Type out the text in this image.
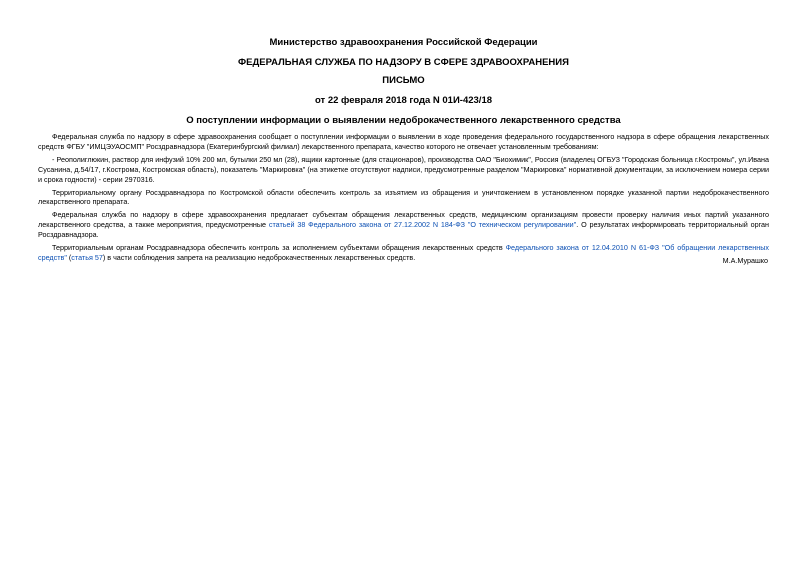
Министерство здравоохранения Российской Федерации

ФЕДЕРАЛЬНАЯ СЛУЖБА ПО НАДЗОРУ В СФЕРЕ ЗДРАВООХРАНЕНИЯ

ПИСЬМО

от 22 февраля 2018 года N 01И-423/18

О поступлении информации о выявлении недоброкачественного лекарственного средства

Федеральная служба по надзору в сфере здравоохранения сообщает о поступлении информации о выявлении в ходе проведения федерального государственного надзора в сфере обращения лекарственных средств ФГБУ "ИМЦЭУАОСМП" Росздравнадзора (Екатеринбургский филиал) лекарственного препарата, качество которого не отвечает установленным требованиям:

- Реополиглюкин, раствор для инфузий 10% 200 мл, бутылки 250 мл (28), ящики картонные (для стационаров), производства ОАО "Биохимик", Россия (владелец ОГБУЗ "Городская больница г.Костромы", ул.Ивана Сусанина, д.54/17, г.Кострома, Костромская область), показатель "Маркировка" (на этикетке отсутствуют надписи, предусмотренные разделом "Маркировка" нормативной документации, за исключением номера серии и срока годности) - серии 2970316.

Территориальному органу Росздравнадзора по Костромской области обеспечить контроль за изъятием из обращения и уничтожением в установленном порядке указанной партии недоброкачественного лекарственного препарата.

Федеральная служба по надзору в сфере здравоохранения предлагает субъектам обращения лекарственных средств, медицинским организациям провести проверку наличия иных партий указанного лекарственного средства, а также мероприятия, предусмотренные статьей 38 Федерального закона от 27.12.2002 N 184-ФЗ "О техническом регулировании". О результатах информировать территориальный орган Росздравнадзора.

Территориальным органам Росздравнадзора обеспечить контроль за исполнением субъектами обращения лекарственных средств Федерального закона от 12.04.2010 N 61-ФЗ "Об обращении лекарственных средств" (статья 57) в части соблюдения запрета на реализацию недоброкачественных лекарственных средств.	М.А.Мурашко
